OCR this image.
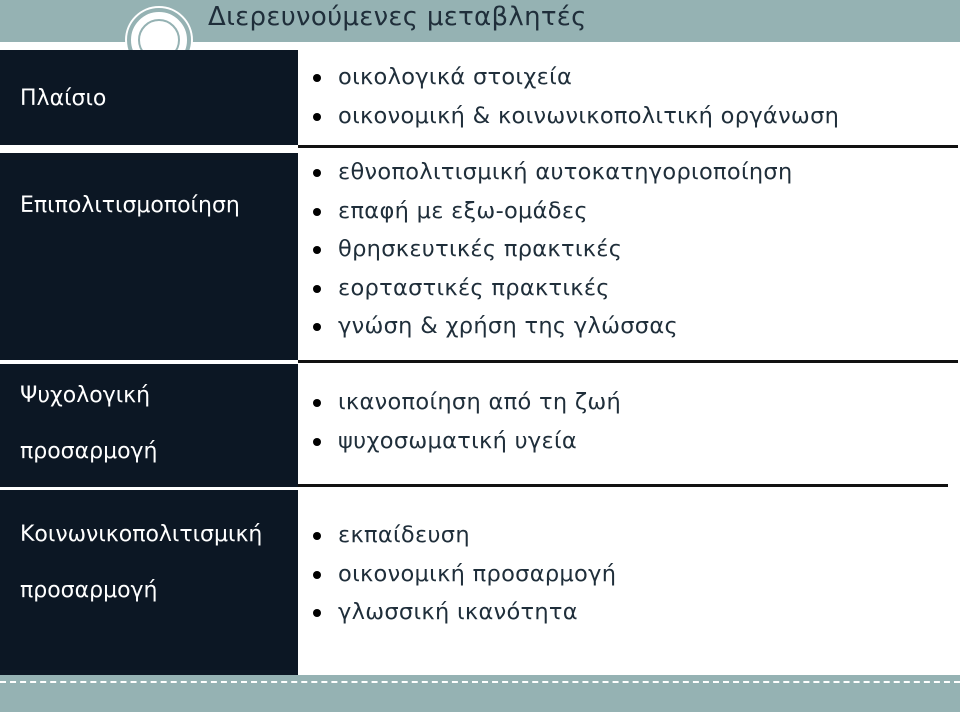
Διερευνούμενες μεταβλητές
Πλαίσιο
οικολογικά στοιχεία
οικονομική & κοινωνικοπολιτική οργάνωση
Επιπολιτισμοποίηση
εθνοπολιτισμική αυτοκατηγοριοποίηση
επαφή με εξω-ομάδες
θρησκευτικές πρακτικές
εορταστικές πρακτικές
γνώση & χρήση της γλώσσας
Ψυχολογική
προσαρμογή
ικανοποίηση από τη ζωή
ψυχοσωματική υγεία
Κοινωνικοπολιτισμική
προσαρμογή
εκπαίδευση
οικονομική προσαρμογή
γλωσσική ικανότητα
